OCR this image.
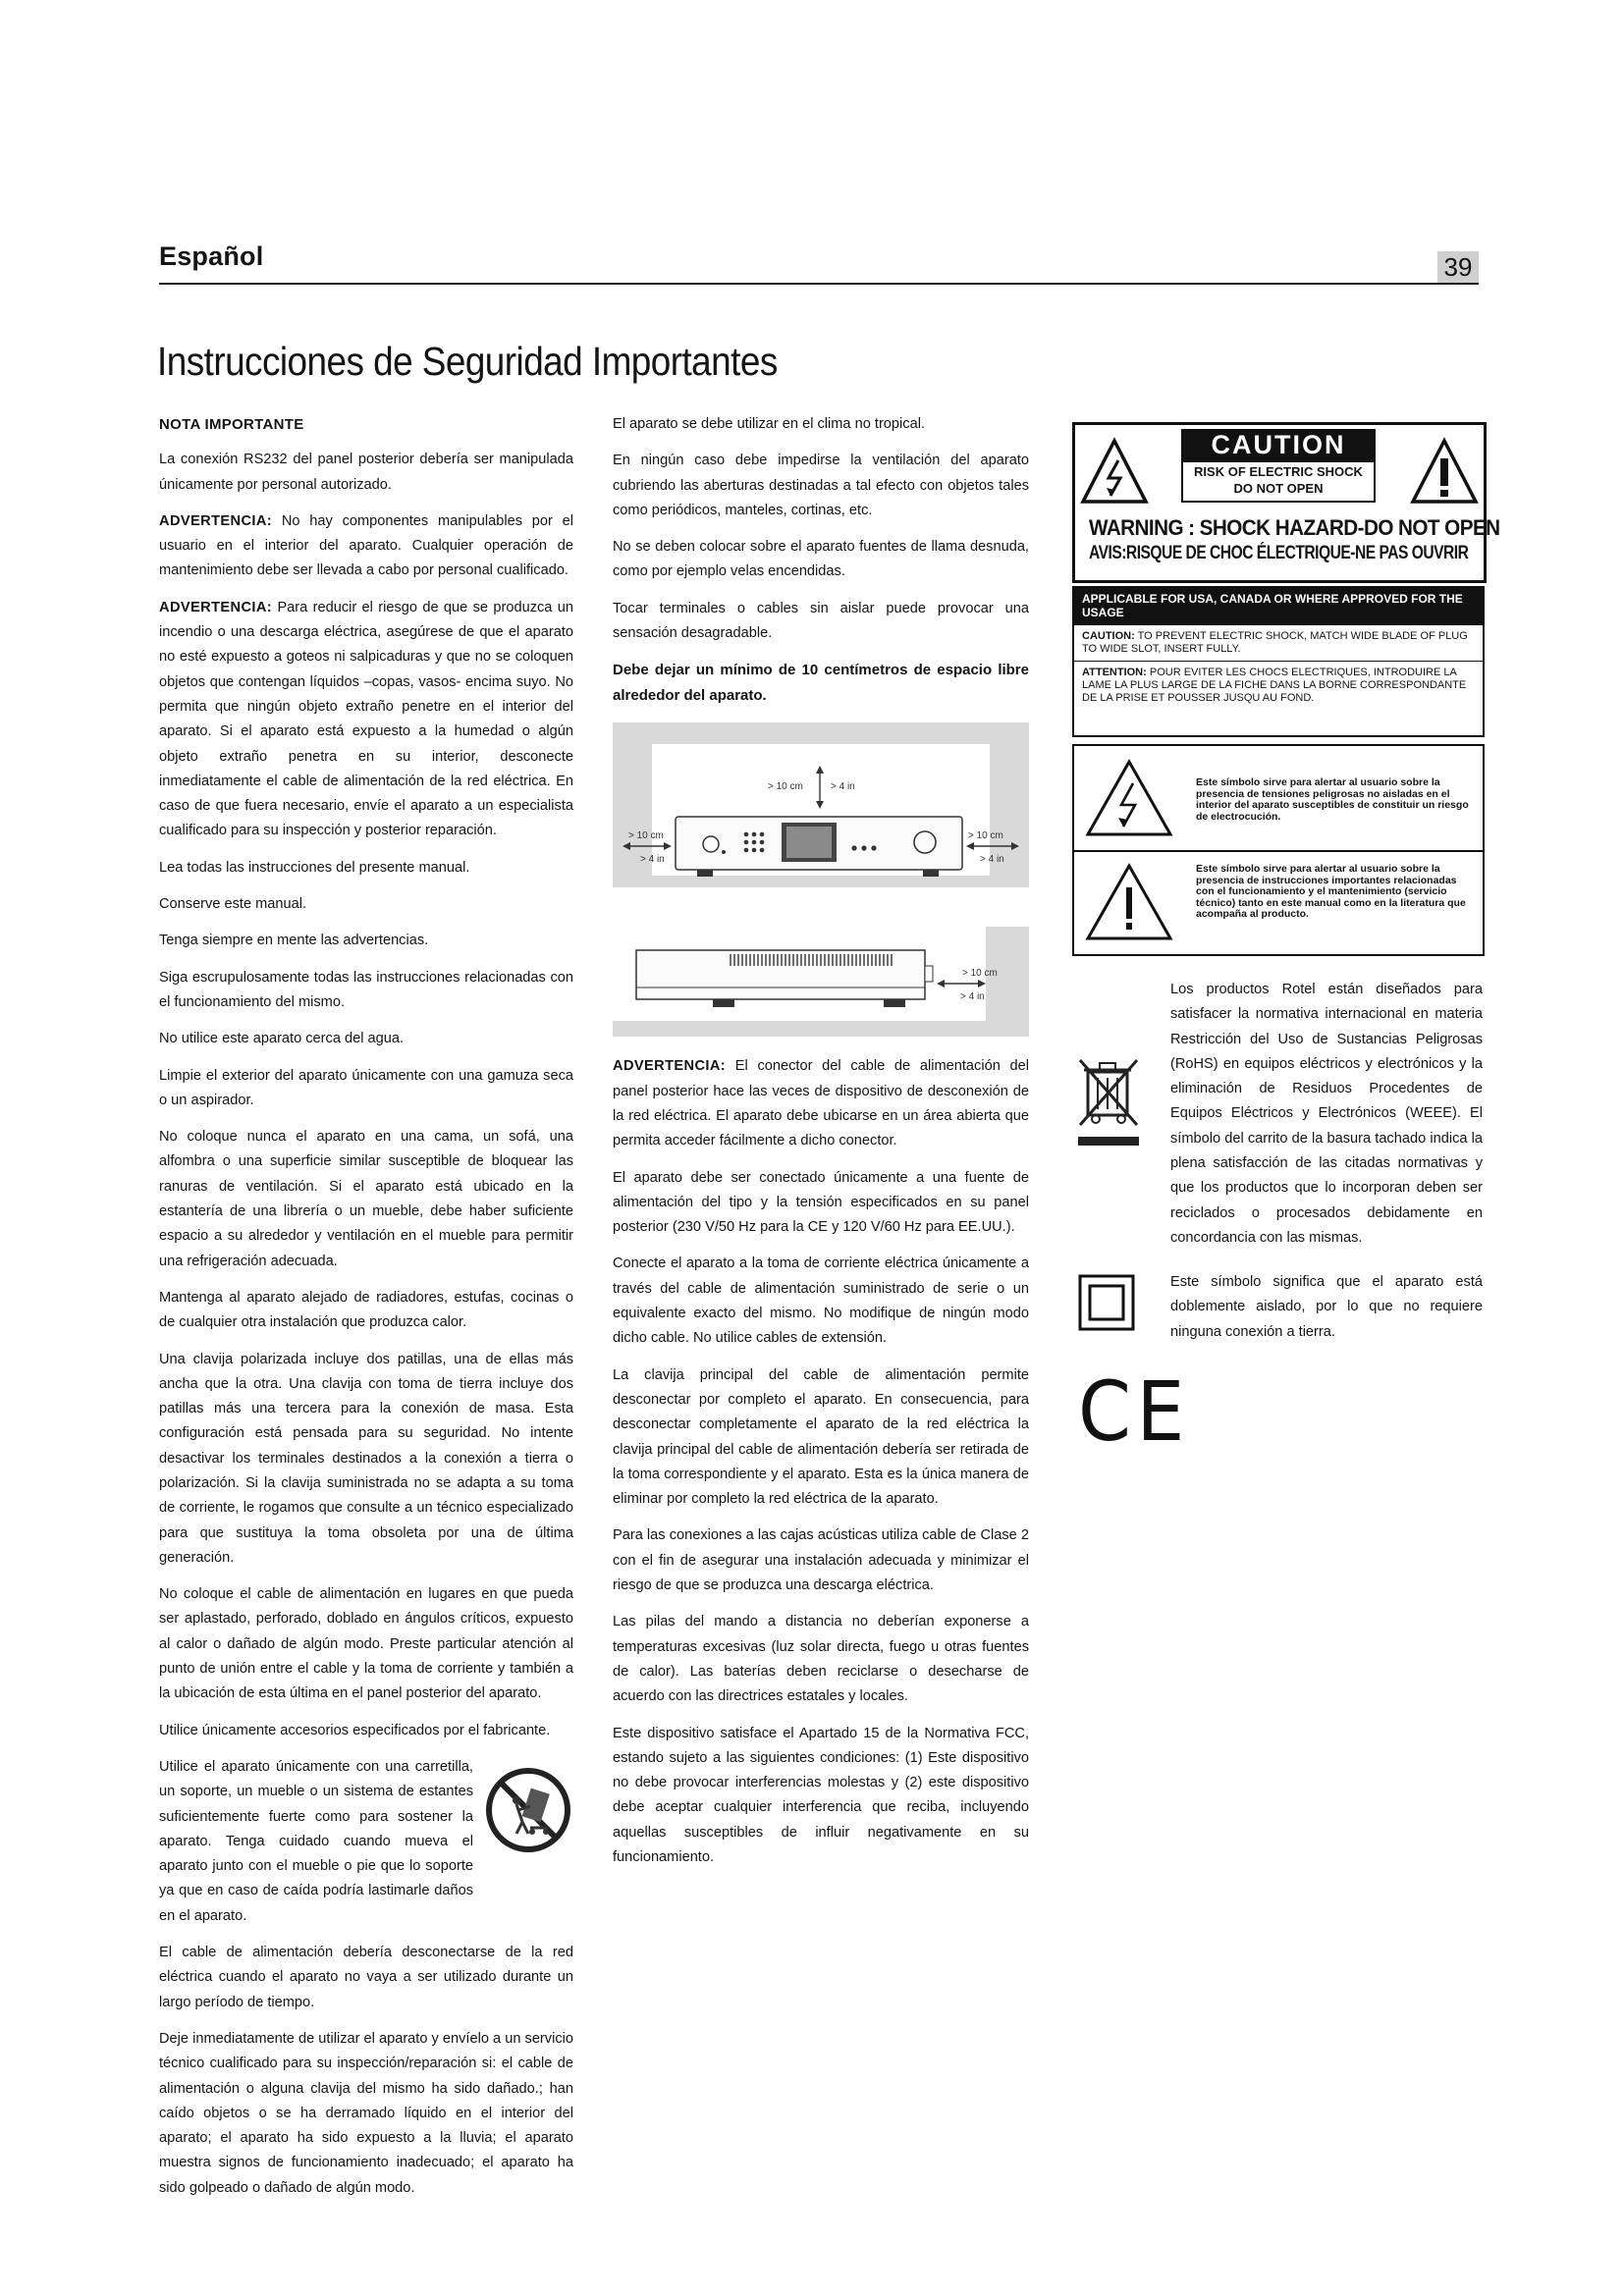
Español	39
Instrucciones de Seguridad Importantes
NOTA IMPORTANTE

La conexión RS232 del panel posterior debería ser manipulada únicamente por personal autorizado.

ADVERTENCIA: No hay componentes manipulables por el usuario en el interior del aparato. Cualquier operación de mantenimiento debe ser llevada a cabo por personal cualificado.

ADVERTENCIA: Para reducir el riesgo de que se produzca un incendio o una descarga eléctrica, asegúrese de que el aparato no esté expuesto a goteos ni salpicaduras y que no se coloquen objetos que contengan líquidos –copas, vasos- encima suyo. No permita que ningún objeto extraño penetre en el interior del aparato. Si el aparato está expuesto a la humedad o algún objeto extraño penetra en su interior, desconecte inmediatamente el cable de alimentación de la red eléctrica. En caso de que fuera necesario, envíe el aparato a un especialista cualificado para su inspección y posterior reparación.

Lea todas las instrucciones del presente manual.

Conserve este manual.

Tenga siempre en mente las advertencias.

Siga escrupulosamente todas las instrucciones relacionadas con el funcionamiento del mismo.

No utilice este aparato cerca del agua.

Limpie el exterior del aparato únicamente con una gamuza seca o un aspirador.

No coloque nunca el aparato en una cama, un sofá, una alfombra o una superficie similar susceptible de bloquear las ranuras de ventilación. Si el aparato está ubicado en la estantería de una librería o un mueble, debe haber suficiente espacio a su alrededor y ventilación en el mueble para permitir una refrigeración adecuada.

Mantenga al aparato alejado de radiadores, estufas, cocinas o de cualquier otra instalación que produzca calor.

Una clavija polarizada incluye dos patillas, una de ellas más ancha que la otra. Una clavija con toma de tierra incluye dos patillas más una tercera para la conexión de masa. Esta configuración está pensada para su seguridad. No intente desactivar los terminales destinados a la conexión a tierra o polarización. Si la clavija suministrada no se adapta a su toma de corriente, le rogamos que consulte a un técnico especializado para que sustituya la toma obsoleta por una de última generación.

No coloque el cable de alimentación en lugares en que pueda ser aplastado, perforado, doblado en ángulos críticos, expuesto al calor o dañado de algún modo. Preste particular atención al punto de unión entre el cable y la toma de corriente y también a la ubicación de esta última en el panel posterior del aparato.

Utilice únicamente accesorios especificados por el fabricante.

Utilice el aparato únicamente con una carretilla, un soporte, un mueble o un sistema de estantes suficientemente fuerte como para sostener la aparato. Tenga cuidado cuando mueva el aparato junto con el mueble o pie que lo soporte ya que en caso de caída podría lastimarle daños en el aparato.

El cable de alimentación debería desconectarse de la red eléctrica cuando el aparato no vaya a ser utilizado durante un largo período de tiempo.

Deje inmediatamente de utilizar el aparato y envíelo a un servicio técnico cualificado para su inspección/reparación si: el cable de alimentación o alguna clavija del mismo ha sido dañado.; han caído objetos o se ha derramado líquido en el interior del aparato; el aparato ha sido expuesto a la lluvia; el aparato muestra signos de funcionamiento inadecuado; el aparato ha sido golpeado o dañado de algún modo.

El aparato se debe utilizar en el clima no tropical.

En ningún caso debe impedirse la ventilación del aparato cubriendo las aberturas destinadas a tal efecto con objetos tales como periódicos, manteles, cortinas, etc.

No se deben colocar sobre el aparato fuentes de llama desnuda, como por ejemplo velas encendidas.

Tocar terminales o cables sin aislar puede provocar una sensación desagradable.

Debe dejar un mínimo de 10 centímetros de espacio libre alrededor del aparato.

> 10 cm	> 4 in
> 10 cm
> 4 in
> 10 cm
> 4 in
> 10 cm
> 4 in

ADVERTENCIA: El conector del cable de alimentación del panel posterior hace las veces de dispositivo de desconexión de la red eléctrica. El aparato debe ubicarse en un área abierta que permita acceder fácilmente a dicho conector.

El aparato debe ser conectado únicamente a una fuente de alimentación del tipo y la tensión especificados en su panel posterior (230 V/50 Hz para la CE y 120 V/60 Hz para EE.UU.).

Conecte el aparato a la toma de corriente eléctrica únicamente a través del cable de alimentación suministrado de serie o un equivalente exacto del mismo. No modifique de ningún modo dicho cable. No utilice cables de extensión.

La clavija principal del cable de alimentación permite desconectar por completo el aparato. En consecuencia, para desconectar completamente el aparato de la red eléctrica la clavija principal del cable de alimentación debería ser retirada de la toma correspondiente y el aparato. Esta es la única manera de eliminar por completo la red eléctrica de la aparato.

Para las conexiones a las cajas acústicas utiliza cable de Clase 2 con el fin de asegurar una instalación adecuada y minimizar el riesgo de que se produzca una descarga eléctrica.

Las pilas del mando a distancia no deberían exponerse a temperaturas excesivas (luz solar directa, fuego u otras fuentes de calor). Las baterías deben reciclarse o desecharse de acuerdo con las directrices estatales y locales.

Este dispositivo satisface el Apartado 15 de la Normativa FCC, estando sujeto a las siguientes condiciones: (1) Este dispositivo no debe provocar interferencias molestas y (2) este dispositivo debe aceptar cualquier interferencia que reciba, incluyendo aquellas susceptibles de influir negativamente en su funcionamiento.

CAUTION
RISK OF ELECTRIC SHOCK
DO NOT OPEN
WARNING : SHOCK HAZARD-DO NOT OPEN
AVIS:RISQUE DE CHOC ÉLECTRIQUE-NE PAS OUVRIR
APPLICABLE FOR USA, CANADA OR WHERE APPROVED FOR THE USAGE
CAUTION: TO PREVENT ELECTRIC SHOCK, MATCH WIDE BLADE OF PLUG TO WIDE SLOT, INSERT FULLY.
ATTENTION: POUR EVITER LES CHOCS ELECTRIQUES, INTRODUIRE LA LAME LA PLUS LARGE DE LA FICHE DANS LA BORNE CORRESPONDANTE DE LA PRISE ET POUSSER JUSQU AU FOND.
Este símbolo sirve para alertar al usuario sobre la presencia de tensiones peligrosas no aisladas en el interior del aparato susceptibles de constituir un riesgo de electrocución.
Este símbolo sirve para alertar al usuario sobre la presencia de instrucciones importantes relacionadas con el funcionamiento y el mantenimiento (servicio técnico) tanto en este manual como en la literatura que acompaña al producto.
Los productos Rotel están diseñados para satisfacer la normativa internacional en materia Restricción del Uso de Sustancias Peligrosas (RoHS) en equipos eléctricos y electrónicos y la eliminación de Residuos Procedentes de Equipos Eléctricos y Electrónicos (WEEE). El símbolo del carrito de la basura tachado indica la plena satisfacción de las citadas normativas y que los productos que lo incorporan deben ser reciclados o procesados debidamente en concordancia con las mismas.
Este símbolo significa que el aparato está doblemente aislado, por lo que no requiere ninguna conexión a tierra.
CE
